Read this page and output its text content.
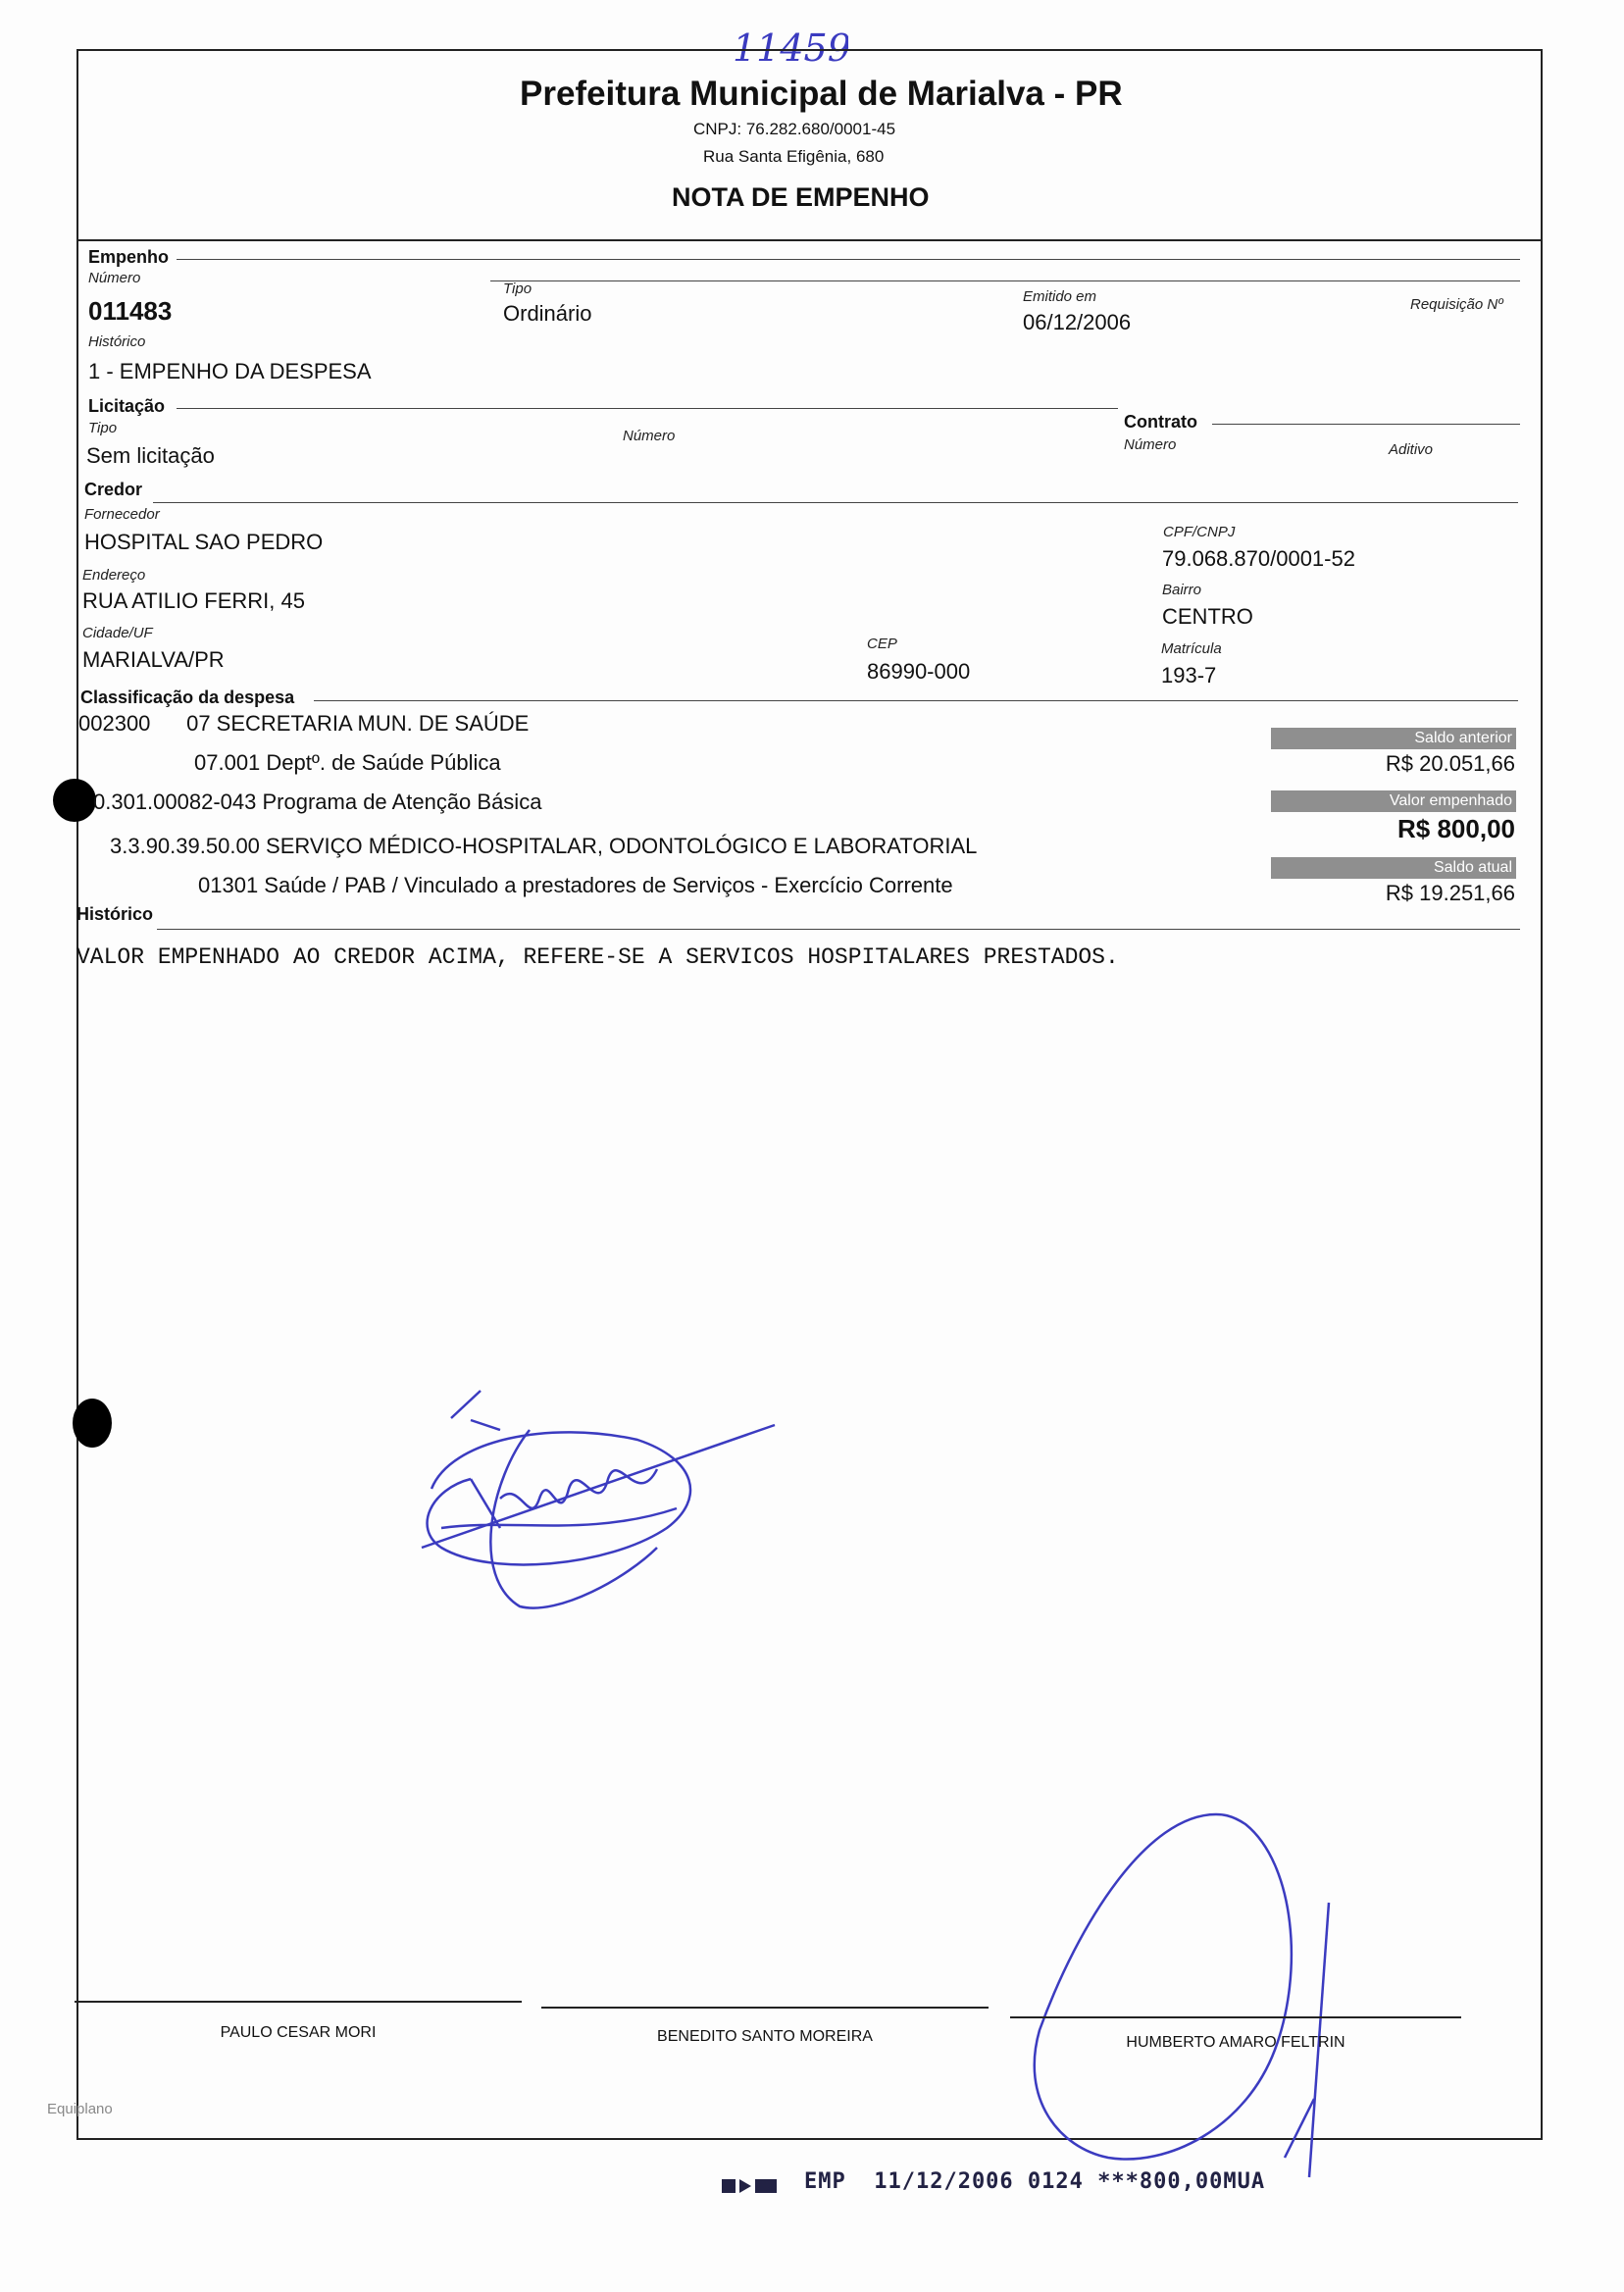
11459
Prefeitura Municipal de Marialva - PR
CNPJ: 76.282.680/0001-45
Rua Santa Efigênia, 680
NOTA DE EMPENHO
Empenho
Número
011483
Tipo
Ordinário
Emitido em
06/12/2006
Requisição Nº
Histórico
1 - EMPENHO DA DESPESA
Licitação
Tipo
Sem licitação
Número
Contrato
Número	Aditivo
Credor
Fornecedor
HOSPITAL SAO PEDRO	CPF/CNPJ
79.068.870/0001-52
Endereço
RUA ATILIO FERRI, 45	Bairro
CENTRO
Cidade/UF
MARIALVA/PR
CEP
86990-000
Matrícula
193-7
Classificação da despesa
002300      07 SECRETARIA MUN. DE SAÚDE
07.001 Deptº. de Saúde Pública
0.301.00082-043 Programa de Atenção Básica
3.3.90.39.50.00 SERVIÇO MÉDICO-HOSPITALAR, ODONTOLÓGICO E LABORATORIAL
01301 Saúde / PAB / Vinculado a prestadores de Serviços - Exercício Corrente
Saldo anterior
R$ 20.051,66
Valor empenhado
R$ 800,00
Saldo atual
R$ 19.251,66
Histórico
VALOR EMPENHADO AO CREDOR ACIMA, REFERE-SE A SERVICOS HOSPITALARES PRESTADOS.
PAULO CESAR MORI	BENEDITO SANTO MOREIRA	HUMBERTO AMARO FELTRIN
Equiplano
EMP  11/12/2006 0124 ***800,00MUA
